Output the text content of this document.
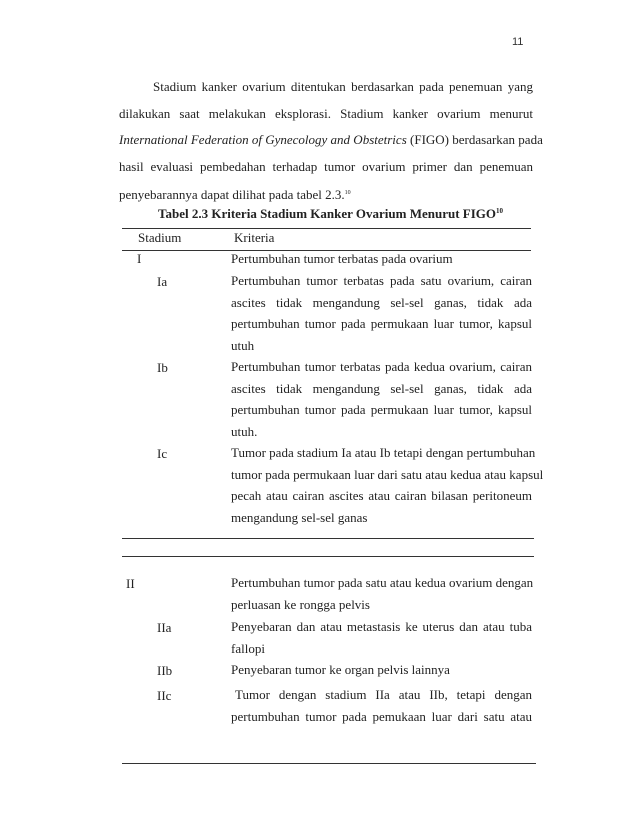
11
Stadium kanker ovarium ditentukan berdasarkan pada penemuan yang
dilakukan saat melakukan eksplorasi. Stadium kanker ovarium menurut
International Federation of Gynecology and Obstetrics (FIGO) berdasarkan pada
hasil evaluasi pembedahan terhadap tumor ovarium primer dan penemuan
penyebarannya dapat dilihat pada tabel 2.3.10
Tabel 2.3 Kriteria Stadium Kanker Ovarium Menurut FIGO$^{10}$
Stadium	Kriteria
I	Pertumbuhan tumor terbatas pada ovarium
Ia	Pertumbuhan tumor terbatas pada satu ovarium, cairan
ascites tidak mengandung sel-sel ganas, tidak ada
pertumbuhan tumor pada permukaan luar tumor, kapsul
utuh
Ib	Pertumbuhan tumor terbatas pada kedua ovarium, cairan
ascites tidak mengandung sel-sel ganas, tidak ada
pertumbuhan tumor pada permukaan luar tumor, kapsul
utuh.
Ic	Tumor pada stadium Ia atau Ib tetapi dengan pertumbuhan
tumor pada permukaan luar dari satu atau kedua atau kapsul
pecah atau cairan ascites atau cairan bilasan peritoneum
mengandung sel-sel ganas
II	Pertumbuhan tumor pada satu atau kedua ovarium dengan
perluasan ke rongga pelvis
IIa	Penyebaran dan atau metastasis ke uterus dan atau tuba
fallopi
IIb	Penyebaran tumor ke organ pelvis lainnya
IIc	Tumor dengan stadium IIa atau IIb, tetapi dengan
pertumbuhan tumor pada pemukaan luar dari satu atau
